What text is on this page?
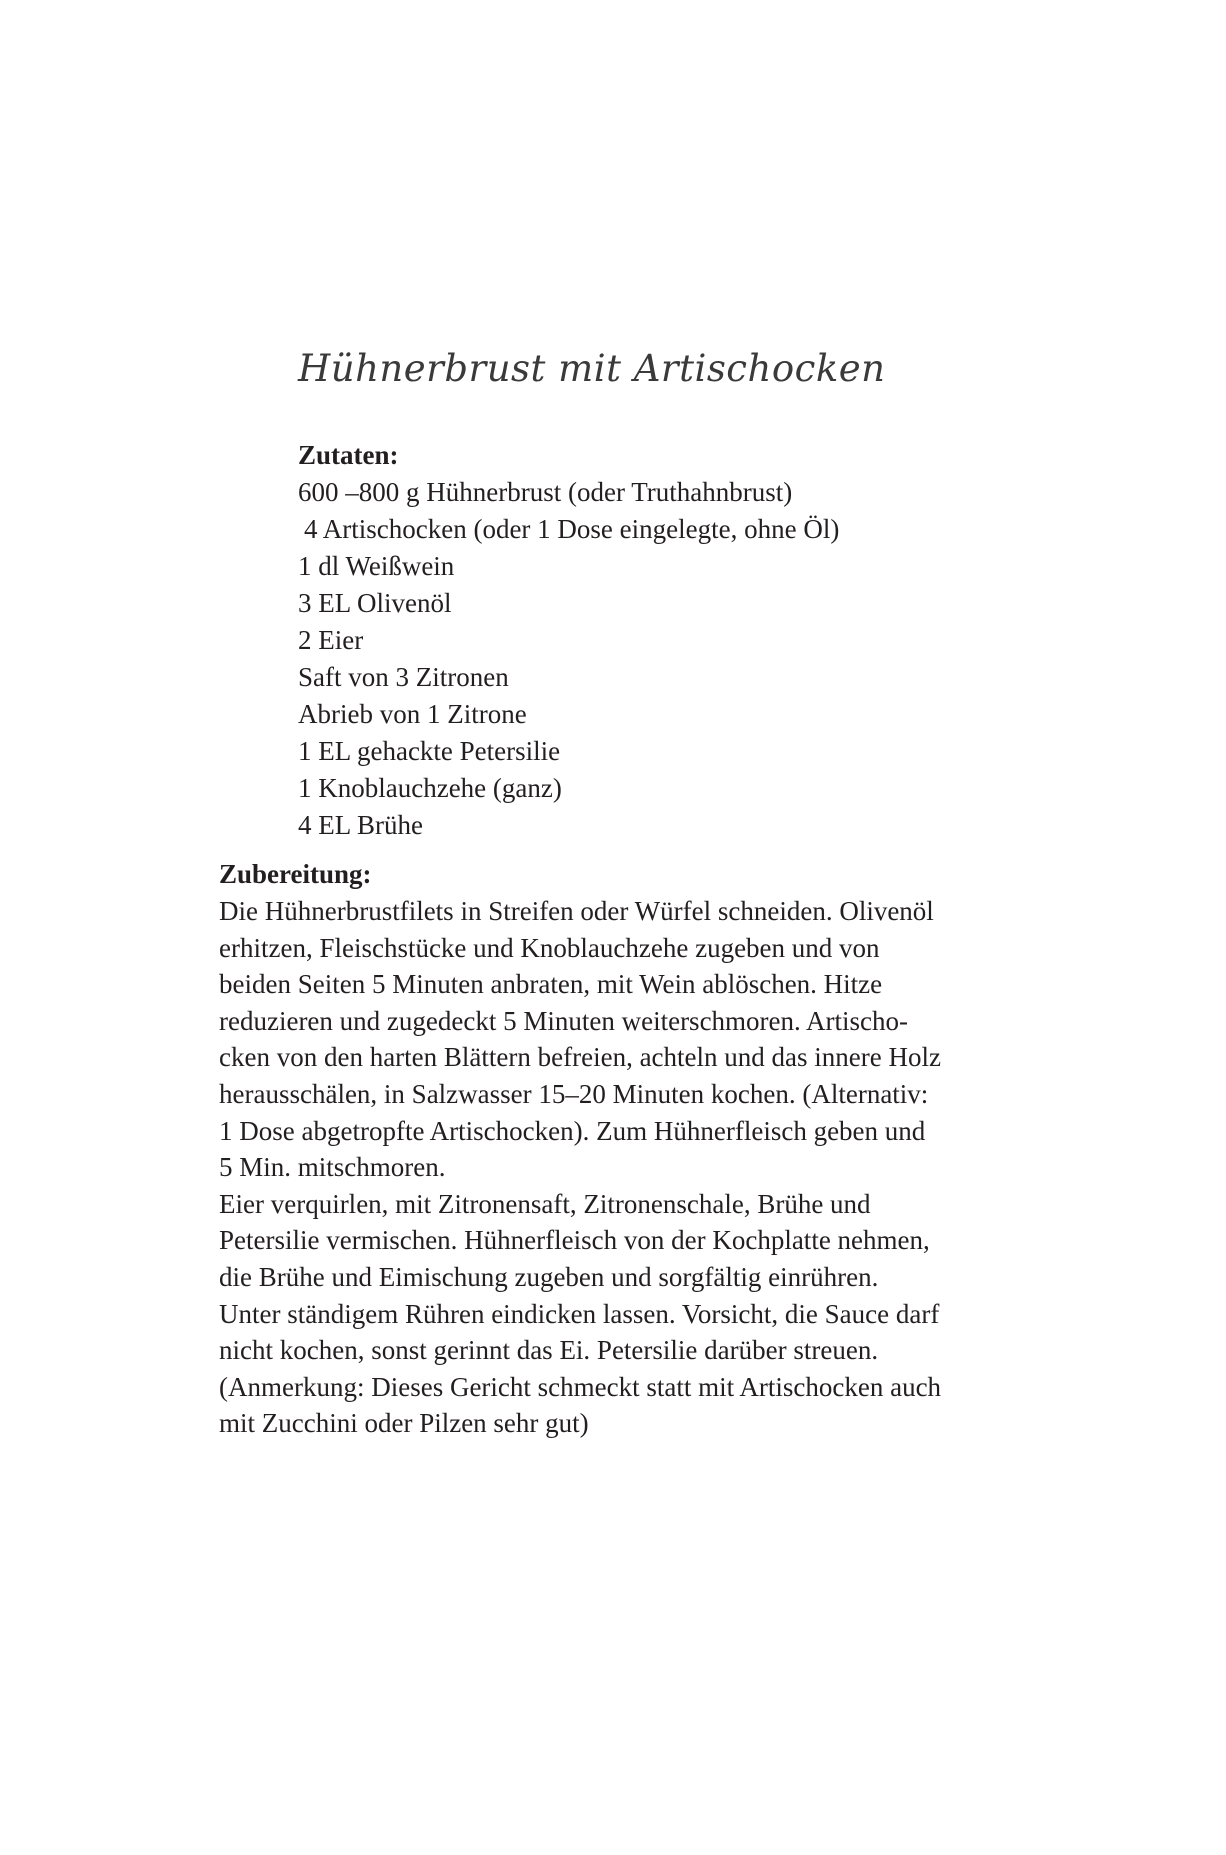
Hühnerbrust mit Artischocken
Zutaten:
600 –800 g Hühnerbrust (oder Truthahnbrust)
4 Artischocken (oder 1 Dose eingelegte, ohne Öl)
1 dl Weißwein
3 EL Olivenöl
2 Eier
Saft von 3 Zitronen
Abrieb von 1 Zitrone
1 EL gehackte Petersilie
1 Knoblauchzehe (ganz)
4 EL Brühe
Zubereitung:

Die Hühnerbrustfilets in Streifen oder Würfel schneiden. Olivenöl
erhitzen, Fleischstücke und Knoblauchzehe zugeben und von
beiden Seiten 5 Minuten anbraten, mit Wein ablöschen. Hitze
reduzieren und zugedeckt 5 Minuten weiterschmoren. Artischo-
cken von den harten Blättern befreien, achteln und das innere Holz
herausschälen, in Salzwasser 15–20 Minuten kochen. (Alternativ:
1 Dose abgetropfte Artischocken). Zum Hühnerfleisch geben und
5 Min. mitschmoren.
Eier verquirlen, mit Zitronensaft, Zitronenschale, Brühe und
Petersilie vermischen. Hühnerfleisch von der Kochplatte nehmen,
die Brühe und Eimischung zugeben und sorgfältig einrühren.
Unter ständigem Rühren eindicken lassen. Vorsicht, die Sauce darf
nicht kochen, sonst gerinnt das Ei. Petersilie darüber streuen.
(Anmerkung: Dieses Gericht schmeckt statt mit Artischocken auch
mit Zucchini oder Pilzen sehr gut)
